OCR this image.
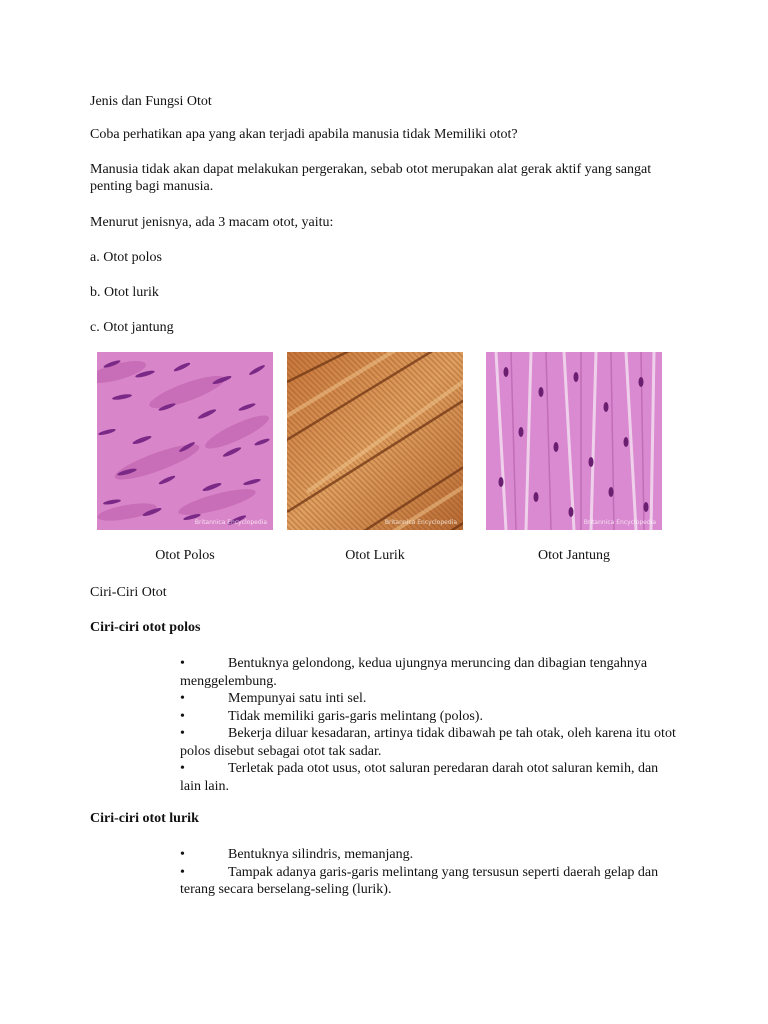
Jenis dan Fungsi Otot
Coba perhatikan apa yang akan terjadi apabila manusia tidak Memiliki otot?
Manusia tidak akan dapat melakukan pergerakan, sebab otot merupakan alat gerak aktif yang sangat penting bagi manusia.
Menurut jenisnya, ada 3 macam otot, yaitu:
a. Otot polos
b. Otot lurik
c. Otot jantung
Britannica Encyclopedia	Britannica Encyclopedia	Britannica Encyclopedia
Otot Polos	Otot Lurik	Otot Jantung
Ciri-Ciri Otot
Ciri-ciri otot polos
•	Bentuknya gelondong, kedua ujungnya meruncing dan dibagian tengahnya menggelembung.
•	Mempunyai satu inti sel.
•	Tidak memiliki garis-garis melintang (polos).
•	Bekerja diluar kesadaran, artinya tidak dibawah pe tah otak, oleh karena itu otot polos disebut sebagai otot tak sadar.
•	Terletak pada otot usus, otot saluran peredaran darah otot saluran kemih, dan lain lain.
Ciri-ciri otot lurik
•	Bentuknya silindris, memanjang.
•	Tampak adanya garis-garis melintang yang tersusun seperti daerah gelap dan terang secara berselang-seling (lurik).
